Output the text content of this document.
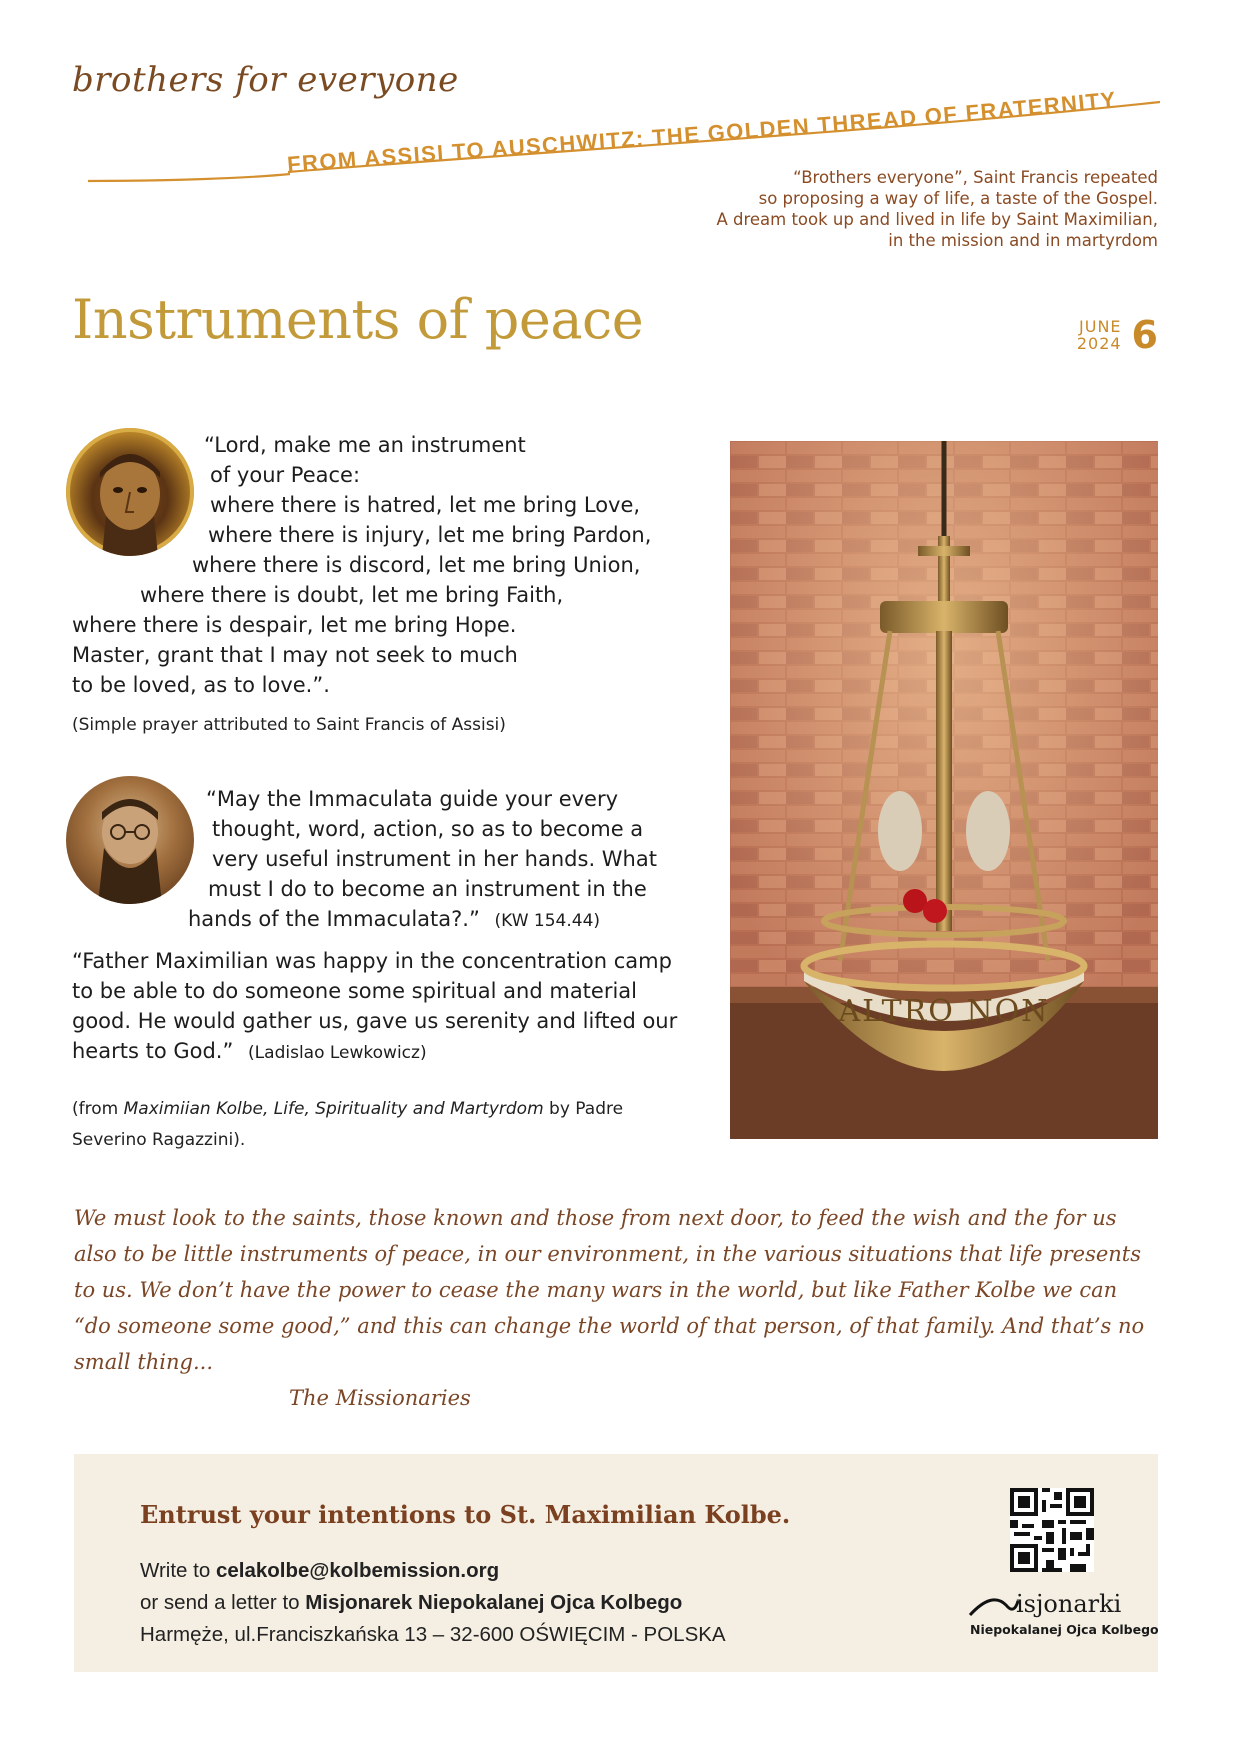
brothers for everyone
FROM ASSISI TO AUSCHWITZ: THE GOLDEN THREAD OF FRATERNITY
“Brothers everyone”, Saint Francis repeated
so proposing a way of life, a taste of the Gospel.
A dream took up and lived in life by Saint Maximilian,
in the mission and in martyrdom
Instruments of peace	JUNE
2024 6
“Lord, make me an instrument
of your Peace:
where there is hatred, let me bring Love,
where there is injury, let me bring Pardon,
where there is discord, let me bring Union,
where there is doubt, let me bring Faith,
where there is despair, let me bring Hope.
Master, grant that I may not seek to much
to be loved, as to love.”.
(Simple prayer attributed to Saint Francis of Assisi)
“May the Immaculata guide your every
thought, word, action, so as to become a
very useful instrument in her hands. What
must I do to become an instrument in the
hands of the Immaculata?.” (KW 154.44)
“Father Maximilian was happy in the concentration camp
to be able to do someone some spiritual and material
good. He would gather us, gave us serenity and lifted our
hearts to God.” (Ladislao Lewkowicz)
(from Maximiian Kolbe, Life, Spirituality and Martyrdom by Padre
Severino Ragazzini).
ALTRO NON
We must look to the saints, those known and those from next door, to feed the wish and the for us
also to be little instruments of peace, in our environment, in the various situations that life presents
to us. We don’t have the power to cease the many wars in the world, but like Father Kolbe we can
“do someone some good,” and this can change the world of that person, of that family. And that’s no
small thing...
The Missionaries
Entrust your intentions to St. Maximilian Kolbe.
Write to celakolbe@kolbemission.org
or send a letter to Misjonarek Niepokalanej Ojca Kolbego
Harmęże, ul.Franciszkańska 13 – 32-600 OŚWIĘCIM - POLSKA
isjonarki
Niepokalanej Ojca Kolbego
